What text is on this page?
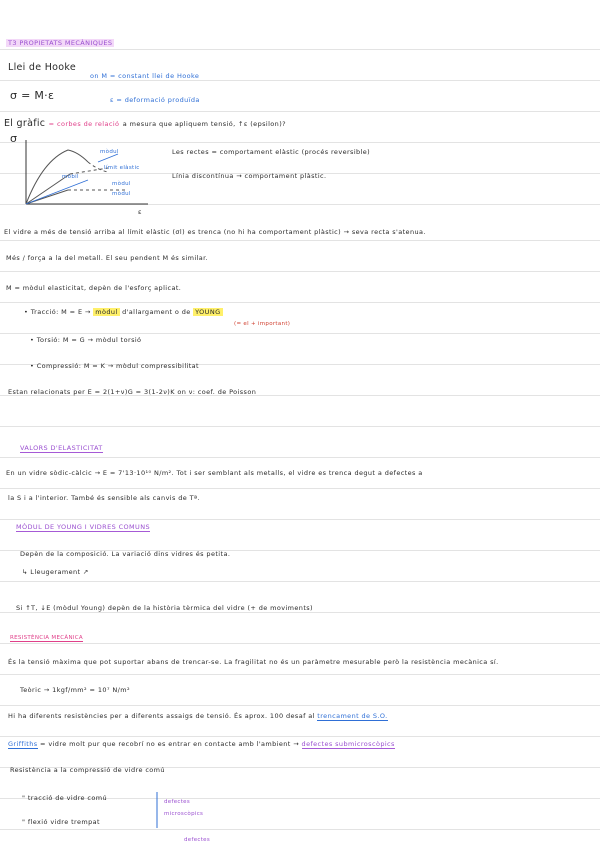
T3 PROPIETATS MECÀNIQUES
Llei de Hooke
on M = constant llei de Hooke
σ = M·ε	ε = deformació produïda
El gràfic = corbes de relació a mesura que apliquem tensió, ↑ε (epsilon)?
σ
ε
mòdul
límit elàstic
móbil
mòdul
mòdul
Les rectes = comportament elàstic (procés reversible)
Línia discontínua → comportament plàstic.
El vidre a més de tensió arriba al límit elàstic (σl) es trenca (no hi ha comportament plàstic) → seva recta s'atenua.
Més / força a la del metall. El seu pendent M és similar.
M = mòdul elasticitat, depèn de l'esforç aplicat.
• Tracció: M = E → mòdul d'allargament o de YOUNG
(= el + important)
• Torsió: M = G → mòdul torsió
• Compressió: M = K → mòdul compressibilitat
Estan relacionats per E = 2(1+ν)G = 3(1-2ν)K on ν: coef. de Poisson
VALORS D'ELASTICITAT
En un vidre sòdic-càlcic → E = 7'13·10¹⁰ N/m². Tot i ser semblant als metalls, el vidre es trenca degut a defectes a
la S i a l'interior. També és sensible als canvis de Tª.
MÒDUL DE YOUNG I VIDRES COMUNS
Depèn de la composició. La variació dins vidres és petita.
↳ Lleugerament ↗
Si ↑T, ↓E (mòdul Young) depèn de la història tèrmica del vidre (+ de moviments)
RESISTÈNCIA MECÀNICA
És la tensió màxima que pot suportar abans de trencar-se. La fragilitat no és un paràmetre mesurable però la resistència mecànica sí.
Teòric → 1kgf/mm² = 10⁷ N/m²
Hi ha diferents resistències per a diferents assaigs de tensió. És aprox. 100 desaf al trencament de S.O.
Griffiths = vidre molt pur que recobrí no es entrar en contacte amb l'ambient → defectes submicroscòpics
Resistència a la compressió de vidre comú
" tracció de vidre comú
" flexió vidre trempat
defectes microscòpics
defectes
